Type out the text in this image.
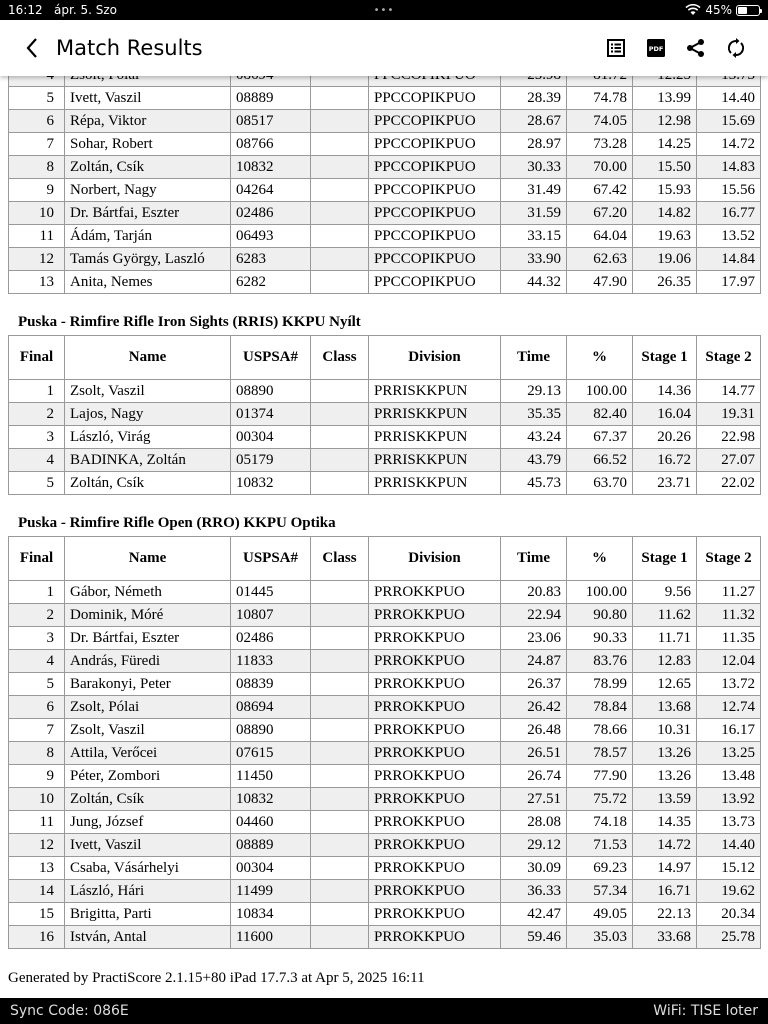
16:12 ápr. 5. Szo	•••	45%
Match Results	PDF

5	Ivett, Vaszil	08889		PPCCOPIKPUO	28.39	74.78	13.99	14.40
6	Répa, Viktor	08517		PPCCOPIKPUO	28.67	74.05	12.98	15.69
7	Sohar, Robert	08766		PPCCOPIKPUO	28.97	73.28	14.25	14.72
8	Zoltán, Csík	10832		PPCCOPIKPUO	30.33	70.00	15.50	14.83
9	Norbert, Nagy	04264		PPCCOPIKPUO	31.49	67.42	15.93	15.56
10	Dr. Bártfai, Eszter	02486		PPCCOPIKPUO	31.59	67.20	14.82	16.77
11	Ádám, Tarján	06493		PPCCOPIKPUO	33.15	64.04	19.63	13.52
12	Tamás György, Laszló	6283		PPCCOPIKPUO	33.90	62.63	19.06	14.84
13	Anita, Nemes	6282		PPCCOPIKPUO	44.32	47.90	26.35	17.97
Puska - Rimfire Rifle Iron Sights (RRIS) KKPU Nyílt
Final	Name	USPSA#	Class	Division	Time	%	Stage 1	Stage 2
1	Zsolt, Vaszil	08890		PRRISKKPUN	29.13	100.00	14.36	14.77
2	Lajos, Nagy	01374		PRRISKKPUN	35.35	82.40	16.04	19.31
3	László, Virág	00304		PRRISKKPUN	43.24	67.37	20.26	22.98
4	BADINKA, Zoltán	05179		PRRISKKPUN	43.79	66.52	16.72	27.07
5	Zoltán, Csík	10832		PRRISKKPUN	45.73	63.70	23.71	22.02
Puska - Rimfire Rifle Open (RRO) KKPU Optika
Final	Name	USPSA#	Class	Division	Time	%	Stage 1	Stage 2
1	Gábor, Németh	01445		PRROKKPUO	20.83	100.00	9.56	11.27
2	Dominik, Móré	10807		PRROKKPUO	22.94	90.80	11.62	11.32
3	Dr. Bártfai, Eszter	02486		PRROKKPUO	23.06	90.33	11.71	11.35
4	András, Füredi	11833		PRROKKPUO	24.87	83.76	12.83	12.04
5	Barakonyi, Peter	08839		PRROKKPUO	26.37	78.99	12.65	13.72
6	Zsolt, Pólai	08694		PRROKKPUO	26.42	78.84	13.68	12.74
7	Zsolt, Vaszil	08890		PRROKKPUO	26.48	78.66	10.31	16.17
8	Attila, Verőcei	07615		PRROKKPUO	26.51	78.57	13.26	13.25
9	Péter, Zombori	11450		PRROKKPUO	26.74	77.90	13.26	13.48
10	Zoltán, Csík	10832		PRROKKPUO	27.51	75.72	13.59	13.92
11	Jung, József	04460		PRROKKPUO	28.08	74.18	14.35	13.73
12	Ivett, Vaszil	08889		PRROKKPUO	29.12	71.53	14.72	14.40
13	Csaba, Vásárhelyi	00304		PRROKKPUO	30.09	69.23	14.97	15.12
14	László, Hári	11499		PRROKKPUO	36.33	57.34	16.71	19.62
15	Brigitta, Parti	10834		PRROKKPUO	42.47	49.05	22.13	20.34
16	István, Antal	11600		PRROKKPUO	59.46	35.03	33.68	25.78
Generated by PractiScore 2.1.15+80 iPad 17.7.3 at Apr 5, 2025 16:11
Sync Code: 086E	WiFi: TISE loter
